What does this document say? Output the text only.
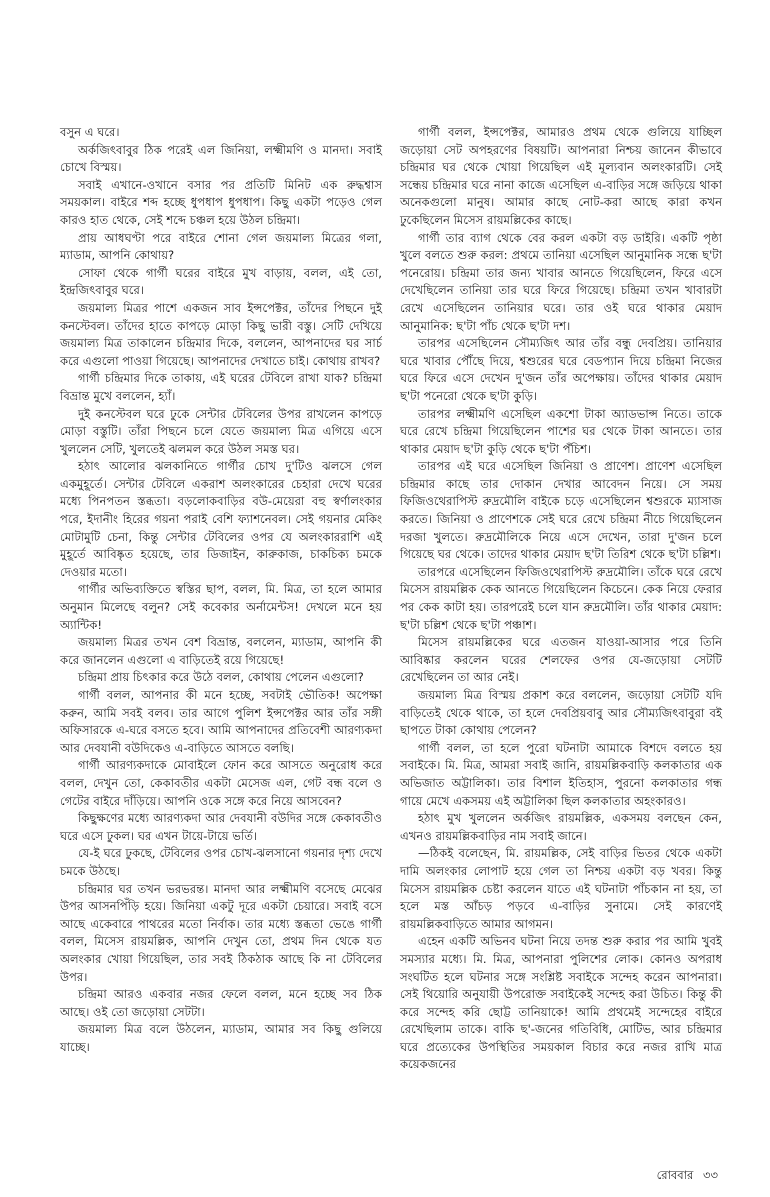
বসুন এ ঘরে।

অর্কজিৎবাবুর ঠিক পরেই এল জিনিয়া, লক্ষ্মীমণি ও মানদা। সবাই চোখে বিস্ময়।

সবাই এখানে-ওখানে বসার পর প্রতিটি মিনিট এক রুদ্ধশ্বাস সময়কাল। বাইরে শব্দ হচ্ছে ধুপধাপ ধুপধাপ। কিছু একটা পড়েও গেল কারও হাত থেকে, সেই শব্দে চঞ্চল হয়ে উঠল চন্দ্রিমা।

প্রায় আধঘণ্টা পরে বাইরে শোনা গেল জয়মাল্য মিত্রের গলা, ম্যাডাম, আপনি কোথায়?

সোফা থেকে গার্গী ঘরের বাইরে মুখ বাড়ায়, বলল, এই তো, ইন্দ্রজিৎবাবুর ঘরে।

জয়মাল্য মিত্রর পাশে একজন সাব ইন্সপেক্টর, তাঁদের পিছনে দুই কনস্টেবল। তাঁদের হাতে কাপড়ে মোড়া কিছু ভারী বস্তু। সেটি দেখিয়ে জয়মাল্য মিত্র তাকালেন চন্দ্রিমার দিকে, বললেন, আপনাদের ঘর সার্চ করে এগুলো পাওয়া গিয়েছে। আপনাদের দেখাতে চাই। কোথায় রাখব?

গার্গী চন্দ্রিমার দিকে তাকায়, এই ঘরের টেবিলে রাখা যাক? চন্দ্রিমা বিভ্রান্ত মুখে বললেন, হ্যাঁ।

দুই কনস্টেবল ঘরে ঢুকে সেন্টার টেবিলের উপর রাখলেন কাপড়ে মোড়া বস্তুটি। তাঁরা পিছনে চলে যেতে জয়মাল্য মিত্র এগিয়ে এসে খুললেন সেটি, খুলতেই ঝলমল করে উঠল সমস্ত ঘর।

হঠাৎ আলোর ঝলকানিতে গার্গীর চোখ দু'টিও ঝলসে গেল একমুহূর্তে। সেন্টার টেবিলে একরাশ অলংকারের চেহারা দেখে ঘরের মধ্যে পিনপতন স্তব্ধতা। বড়লোকবাড়ির বউ-মেয়েরা বহু স্বর্ণালংকার পরে, ইদানীং হিরের গয়না পরাই বেশি ফ্যাশনেবল। সেই গয়নার মেকিং মোটামুটি চেনা, কিন্তু সেন্টার টেবিলের ওপর যে অলংকাররাশি এই মুহূর্তে আবিষ্কৃত হয়েছে, তার ডিজাইন, কারুকাজ, চাকচিক্য চমকে দেওয়ার মতো।

গার্গীর অভিব্যক্তিতে স্বস্তির ছাপ, বলল, মি. মিত্র, তা হলে আমার অনুমান মিলেছে বলুন? সেই কবেকার অর্নামেন্টস! দেখলে মনে হয় অ্যান্টিক!

জয়মাল্য মিত্রর তখন বেশ বিভ্রান্ত, বললেন, ম্যাডাম, আপনি কী করে জানলেন এগুলো এ বাড়িতেই রয়ে গিয়েছে!

চন্দ্রিমা প্রায় চিৎকার করে উঠে বলল, কোথায় পেলেন এগুলো?

গার্গী বলল, আপনার কী মনে হচ্ছে, সবটাই ভৌতিক! অপেক্ষা করুন, আমি সবই বলব। তার আগে পুলিশ ইন্সপেক্টর আর তাঁর সঙ্গী অফিসারকে এ-ঘরে বসতে হবে। আমি আপনাদের প্রতিবেশী আরণ্যকদা আর দেবযানী বউদিকেও এ-বাড়িতে আসতে বলছি।

গার্গী আরণ্যকদাকে মোবাইলে ফোন করে আসতে অনুরোধ করে বলল, দেখুন তো, কেকাবতীর একটা মেসেজ এল, গেট বন্ধ বলে ও গেটের বাইরে দাঁড়িয়ে। আপনি ওকে সঙ্গে করে নিয়ে আসবেন?

কিছুক্ষণের মধ্যে আরণ্যকদা আর দেবযানী বউদির সঙ্গে কেকাবতীও ঘরে এসে ঢুকল। ঘর এখন টায়ে-টায়ে ভর্তি।

যে-ই ঘরে ঢুকছে, টেবিলের ওপর চোখ-ঝলসানো গয়নার দৃশ্য দেখে চমকে উঠছে।

চন্দ্রিমার ঘর তখন ভরভরন্ত। মানদা আর লক্ষ্মীমণি বসেছে মেঝের উপর আসনপিঁড়ি হয়ে। জিনিয়া একটু দূরে একটা চেয়ারে। সবাই বসে আছে একেবারে পাথরের মতো নির্বাক। তার মধ্যে স্তব্ধতা ভেঙে গার্গী বলল, মিসেস রায়মল্লিক, আপনি দেখুন তো, প্রথম দিন থেকে যত অলংকার খোয়া গিয়েছিল, তার সবই ঠিকঠাক আছে কি না টেবিলের উপর।

চন্দ্রিমা আরও একবার নজর ফেলে বলল, মনে হচ্ছে সব ঠিক আছে। ওই তো জড়োয়া সেটটা।

জয়মাল্য মিত্র বলে উঠলেন, ম্যাডাম, আমার সব কিছু গুলিয়ে যাচ্ছে।

গার্গী বলল, ইন্সপেক্টর, আমারও প্রথম থেকে গুলিয়ে যাচ্ছিল জড়োয়া সেট অপহরণের বিষয়টি। আপনারা নিশ্চয় জানেন কীভাবে চন্দ্রিমার ঘর থেকে খোয়া গিয়েছিল এই মূল্যবান অলংকারটি। সেই সন্ধেয় চন্দ্রিমার ঘরে নানা কাজে এসেছিল এ-বাড়ির সঙ্গে জড়িয়ে থাকা অনেকগুলো মানুষ। আমার কাছে নোট-করা আছে কারা কখন ঢুকেছিলেন মিসেস রায়মল্লিকের কাছে।

গার্গী তার ব্যাগ থেকে বের করল একটা বড় ডাইরি। একটি পৃষ্ঠা খুলে বলতে শুরু করল: প্রথমে তানিয়া এসেছিল আনুমানিক সন্ধে ছ'টা পনেরোয়। চন্দ্রিমা তার জন্য খাবার আনতে গিয়েছিলেন, ফিরে এসে দেখেছিলেন তানিয়া তার ঘরে ফিরে গিয়েছে। চন্দ্রিমা তখন খাবারটা রেখে এসেছিলেন তানিয়ার ঘরে। তার ওই ঘরে থাকার মেয়াদ আনুমানিক: ছ'টা পাঁচ থেকে ছ'টা দশ।

তারপর এসেছিলেন সৌম্যজিৎ আর তাঁর বন্ধু দেবপ্রিয়। তানিয়ার ঘরে খাবার পৌঁছে দিয়ে, শ্বশুরের ঘরে বেডপ্যান দিয়ে চন্দ্রিমা নিজের ঘরে ফিরে এসে দেখেন দু'জন তাঁর অপেক্ষায়। তাঁদের থাকার মেয়াদ ছ'টা পনেরো থেকে ছ'টা কুড়ি।

তারপর লক্ষ্মীমণি এসেছিল একশো টাকা অ্যাডভান্স নিতে। তাকে ঘরে রেখে চন্দ্রিমা গিয়েছিলেন পাশের ঘর থেকে টাকা আনতে। তার থাকার মেয়াদ ছ'টা কুড়ি থেকে ছ'টা পঁচিশ।

তারপর এই ঘরে এসেছিল জিনিয়া ও প্রাণেশ। প্রাণেশ এসেছিল চন্দ্রিমার কাছে তার দোকান দেখার আবেদন নিয়ে। সে সময় ফিজিওথেরাপিস্ট রুদ্রমৌলি বাইকে চড়ে এসেছিলেন শ্বশুরকে ম্যাসাজ করতে। জিনিয়া ও প্রাণেশকে সেই ঘরে রেখে চন্দ্রিমা নীচে গিয়েছিলেন দরজা খুলতে। রুদ্রমৌলিকে নিয়ে এসে দেখেন, তারা দু'জন চলে গিয়েছে ঘর থেকে। তাদের থাকার মেয়াদ ছ'টা তিরিশ থেকে ছ'টা চল্লিশ।

তারপরে এসেছিলেন ফিজিওথেরাপিস্ট রুদ্রমৌলি। তাঁকে ঘরে রেখে মিসেস রায়মল্লিক কেক আনতে গিয়েছিলেন কিচেনে। কেক নিয়ে ফেরার পর কেক কাটা হয়। তারপরেই চলে যান রুদ্রমৌলি। তাঁর থাকার মেয়াদ: ছ'টা চল্লিশ থেকে ছ'টা পঞ্চাশ।

মিসেস রায়মল্লিকের ঘরে এতজন যাওয়া-আসার পরে তিনি আবিষ্কার করলেন ঘরের শেলফের ওপর যে-জড়োয়া সেটটি রেখেছিলেন তা আর নেই।

জয়মাল্য মিত্র বিস্ময় প্রকাশ করে বললেন, জড়োয়া সেটটি যদি বাড়িতেই থেকে থাকে, তা হলে দেবপ্রিয়বাবু আর সৌম্যজিৎবাবুরা বই ছাপতে টাকা কোথায় পেলেন?

গার্গী বলল, তা হলে পুরো ঘটনাটা আমাকে বিশদে বলতে হয় সবাইকে। মি. মিত্র, আমরা সবাই জানি, রায়মল্লিকবাড়ি কলকাতার এক অভিজাত অট্টালিকা। তার বিশাল ইতিহাস, পুরনো কলকাতার গন্ধ গায়ে মেখে একসময় এই অট্টালিকা ছিল কলকাতার অহংকারও।

হঠাৎ মুখ খুললেন অর্কজিৎ রায়মল্লিক, একসময় বলছেন কেন, এখনও রায়মল্লিকবাড়ির নাম সবাই জানে।

—ঠিকই বলেছেন, মি. রায়মল্লিক, সেই বাড়ির ভিতর থেকে একটা দামি অলংকার লোপাট হয়ে গেল তা নিশ্চয় একটা বড় খবর। কিন্তু মিসেস রায়মল্লিক চেষ্টা করলেন যাতে এই ঘটনাটা পাঁচকান না হয়, তা হলে মস্ত আঁচড় পড়বে এ-বাড়ির সুনামে। সেই কারণেই রায়মল্লিকবাড়িতে আমার আগমন।

এহেন একটি অভিনব ঘটনা নিয়ে তদন্ত শুরু করার পর আমি খুবই সমস্যার মধ্যে। মি. মিত্র, আপনারা পুলিশের লোক। কোনও অপরাধ সংঘটিত হলে ঘটনার সঙ্গে সংশ্লিষ্ট সবাইকে সন্দেহ করেন আপনারা। সেই থিয়োরি অনুযায়ী উপরোক্ত সবাইকেই সন্দেহ করা উচিত। কিন্তু কী করে সন্দেহ করি ছোট্ট তানিয়াকে! আমি প্রথমেই সন্দেহের বাইরে রেখেছিলাম তাকে। বাকি ছ'-জনের গতিবিধি, মোটিভ, আর চন্দ্রিমার ঘরে প্রত্যেকের উপস্থিতির সময়কাল বিচার করে নজর রাখি মাত্র কয়েকজনের

রোববার ৩৩
